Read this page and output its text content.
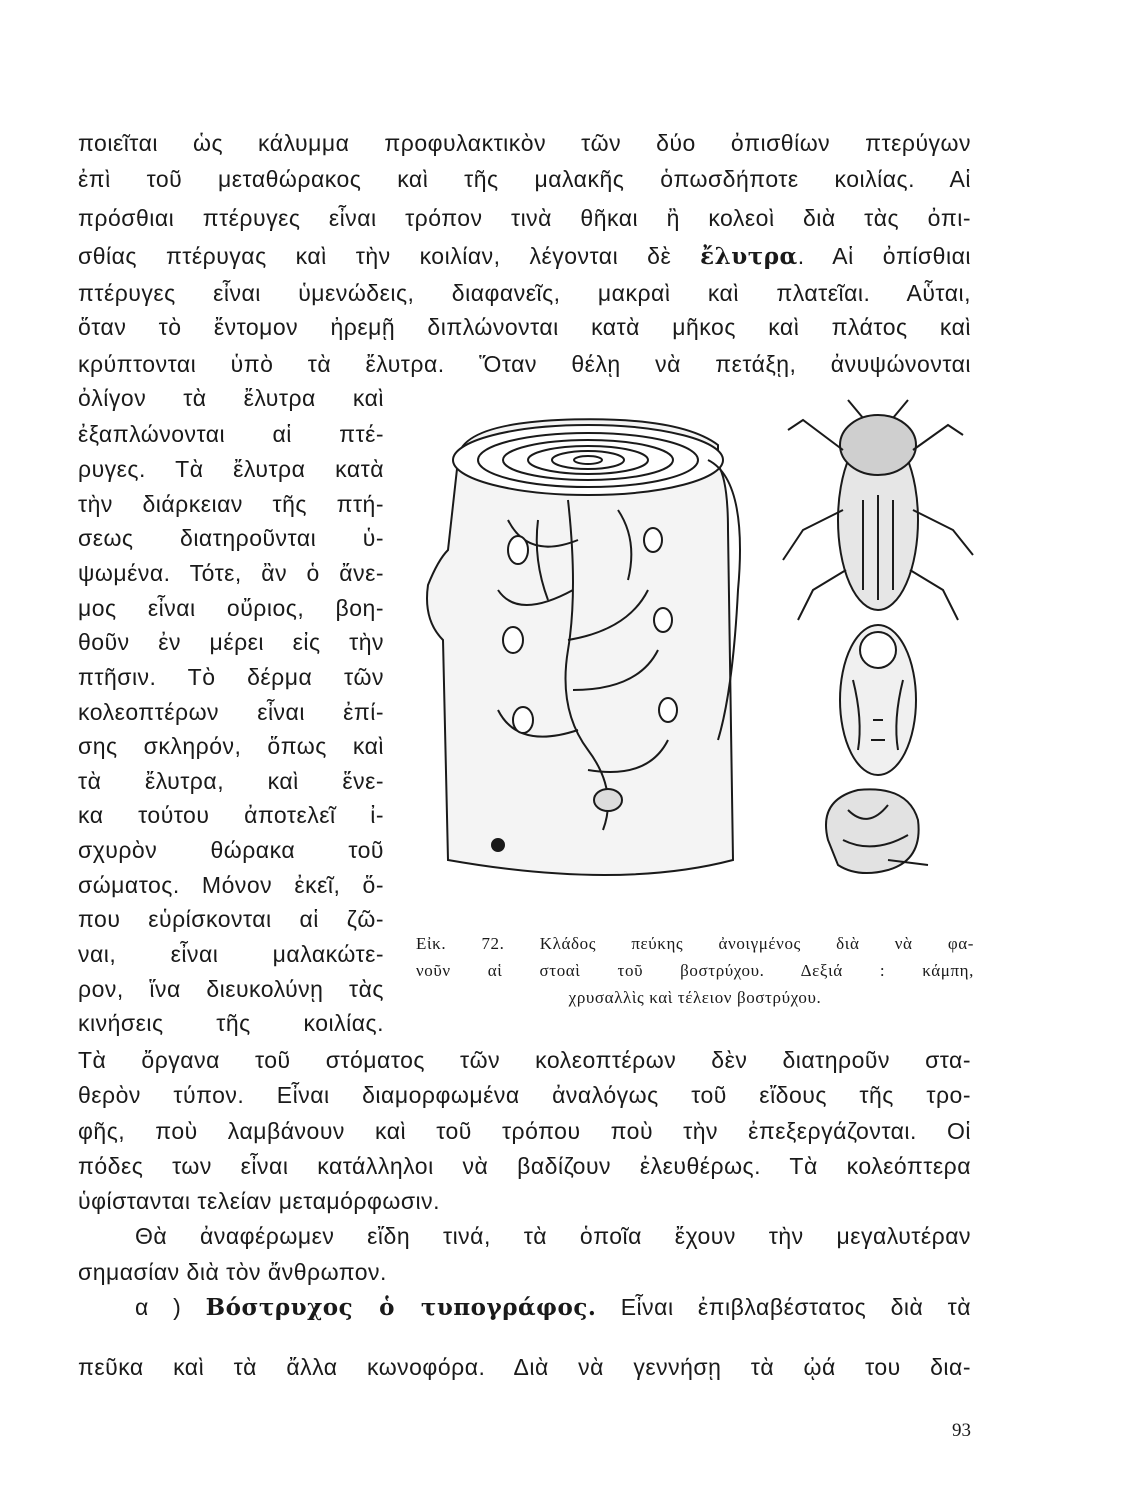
ποιεῖται ὡς κάλυμμα προφυλακτικὸν τῶν δύο ὀπισθίων πτερύγων
ἐπὶ τοῦ μεταθώρακος καὶ τῆς μαλακῆς ὁπωσδήποτε κοιλίας. Αἱ
πρόσθιαι πτέρυγες εἶναι τρόπον τινὰ θῆκαι ἢ κολεοὶ διὰ τὰς ὀπι-
σθίας πτέρυγας καὶ τὴν κοιλίαν, λέγονται δὲ ἔλυτρα. Αἱ ὀπίσθιαι
πτέρυγες εἶναι ὑμενώδεις, διαφανεῖς, μακραὶ καὶ πλατεῖαι. Αὗται,
ὅταν τὸ ἔντομον ἠρεμῇ διπλώνονται κατὰ μῆκος καὶ πλάτος καὶ
κρύπτονται ὑπὸ τὰ ἔλυτρα. Ὅταν θέλῃ νὰ πετάξῃ, ἀνυψώνονται
ὀλίγον τὰ ἔλυτρα καὶ
ἐξαπλώνονται αἱ πτέ-
ρυγες. Τὰ ἔλυτρα κατὰ
τὴν διάρκειαν τῆς πτή-
σεως διατηροῦνται ὑ-
ψωμένα. Τότε, ἂν ὁ ἄνε-
μος εἶναι οὔριος, βοη-
θοῦν ἐν μέρει εἰς τὴν
πτῆσιν. Τὸ δέρμα τῶν
κολεοπτέρων εἶναι ἐπί-
σης σκληρόν, ὅπως καὶ
τὰ ἔλυτρα, καὶ ἕνε-
κα τούτου ἀποτελεῖ ἰ-
σχυρὸν θώρακα τοῦ
σώματος. Μόνον ἐκεῖ, ὅ-
που εὑρίσκονται αἱ ζῶ-
ναι, εἶναι μαλακώτε-
ρον, ἵνα διευκολύνῃ τὰς
κινήσεις τῆς κοιλίας.
Εἰκ. 72. Κλάδος πεύκης ἀνοιγμένος διὰ νὰ φα-
νοῦν αἱ στοαὶ τοῦ βοστρύχου. Δεξιά : κάμπη,
χρυσαλλὶς καὶ τέλειον βοστρύχου.
Τὰ ὄργανα τοῦ στόματος τῶν κολεοπτέρων δὲν διατηροῦν στα-
θερὸν τύπον. Εἶναι διαμορφωμένα ἀναλόγως τοῦ εἴδους τῆς τρο-
φῆς, ποὺ λαμβάνουν καὶ τοῦ τρόπου ποὺ τὴν ἐπεξεργάζονται. Οἱ
πόδες των εἶναι κατάλληλοι νὰ βαδίζουν ἐλευθέρως. Τὰ κολεόπτερα
ὑφίστανται τελείαν μεταμόρφωσιν.
Θὰ ἀναφέρωμεν εἴδη τινά, τὰ ὁποῖα ἔχουν τὴν μεγαλυτέραν
σημασίαν διὰ τὸν ἄνθρωπον.
α ) Βόστρυχος ὁ τυπογράφος. Εἶναι ἐπιβλαβέστατος διὰ τὰ
πεῦκα καὶ τὰ ἄλλα κωνοφόρα. Διὰ νὰ γεννήσῃ τὰ ᾠά του δια-
93
